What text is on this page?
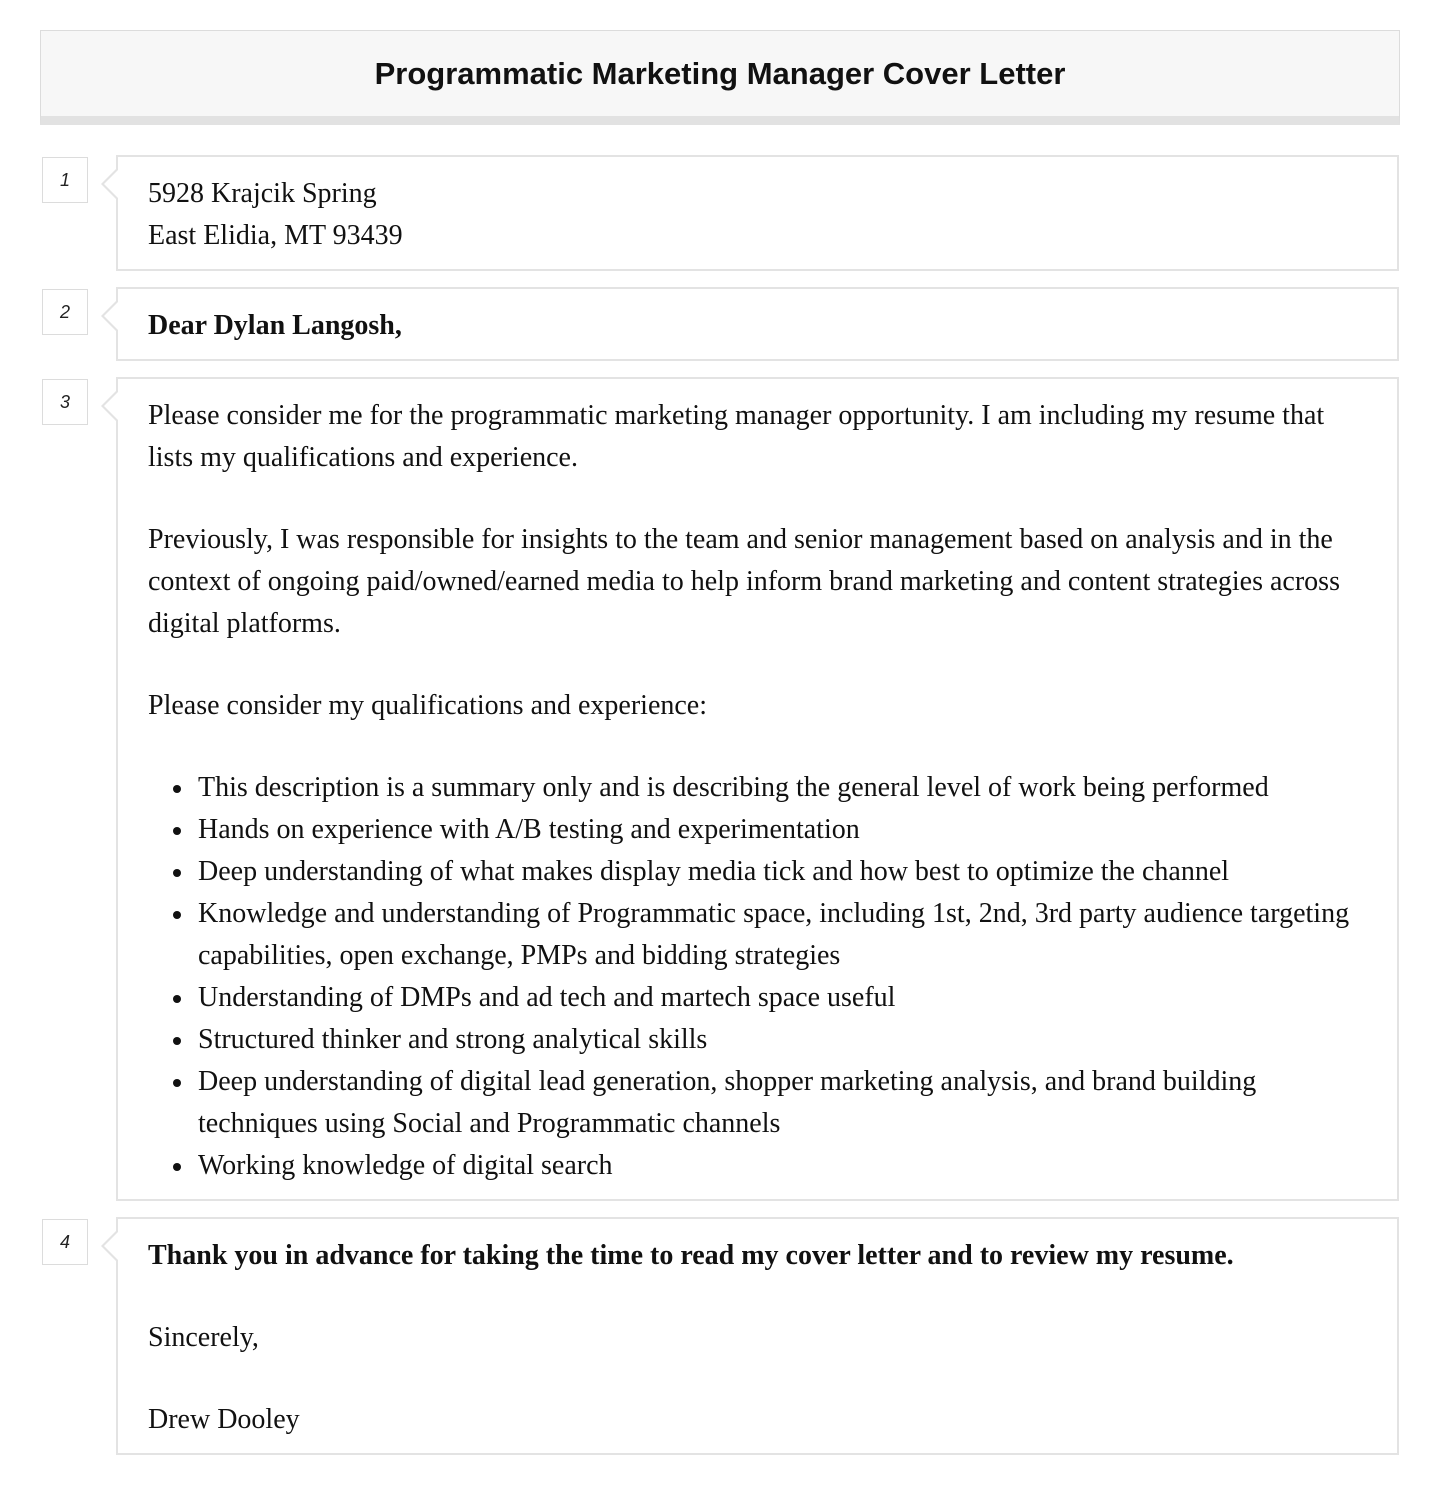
Programmatic Marketing Manager Cover Letter
1	5928 Krajcik Spring
East Elidia, MT 93439
2	Dear Dylan Langosh,
3	Please consider me for the programmatic marketing manager opportunity. I am including my resume that lists my qualifications and experience.

Previously, I was responsible for insights to the team and senior management based on analysis and in the context of ongoing paid/owned/earned media to help inform brand marketing and content strategies across digital platforms.

Please consider my qualifications and experience:

This description is a summary only and is describing the general level of work being performed
Hands on experience with A/B testing and experimentation
Deep understanding of what makes display media tick and how best to optimize the channel
Knowledge and understanding of Programmatic space, including 1st, 2nd, 3rd party audience targeting capabilities, open exchange, PMPs and bidding strategies
Understanding of DMPs and ad tech and martech space useful
Structured thinker and strong analytical skills
Deep understanding of digital lead generation, shopper marketing analysis, and brand building techniques using Social and Programmatic channels
Working knowledge of digital search
4	Thank you in advance for taking the time to read my cover letter and to review my resume.

Sincerely,

Drew Dooley
